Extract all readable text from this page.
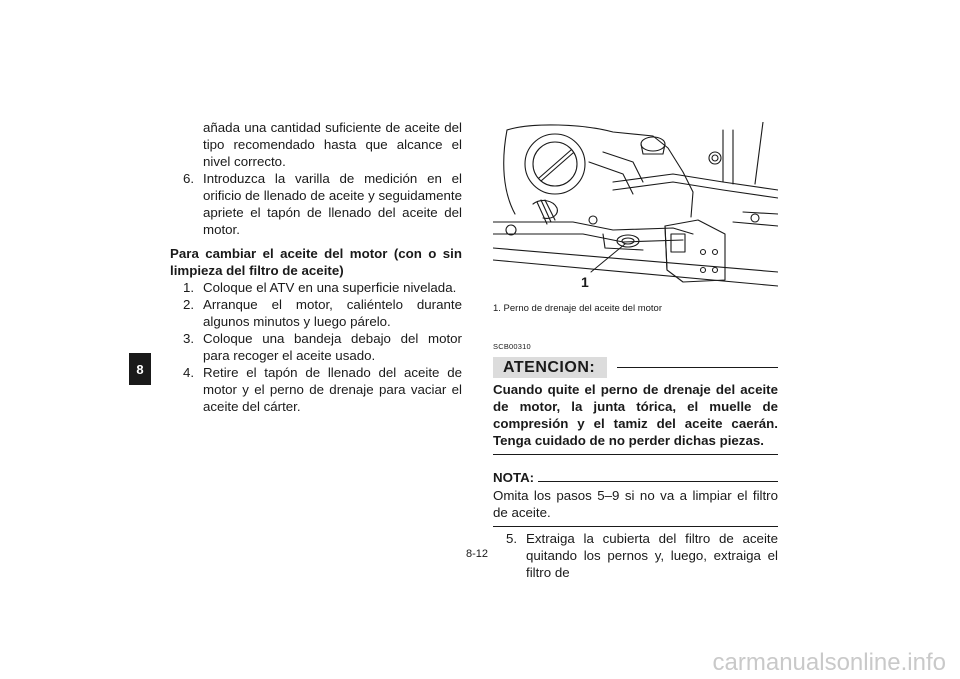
8
añada una cantidad suficiente de aceite del tipo recomendado hasta que alcance el nivel correcto.
6. Introduzca la varilla de medición en el orificio de llenado de aceite y seguidamente apriete el tapón de llenado del aceite del motor.
Para cambiar el aceite del motor (con o sin limpieza del filtro de aceite)
1. Coloque el ATV en una superficie nivelada.
2. Arranque el motor, caliéntelo durante algunos minutos y luego párelo.
3. Coloque una bandeja debajo del motor para recoger el aceite usado.
4. Retire el tapón de llenado del aceite de motor y el perno de drenaje para vaciar el aceite del cárter.
1
1. Perno de drenaje del aceite del motor
SCB00310
ATENCION:
Cuando quite el perno de drenaje del aceite de motor, la junta tórica, el muelle de compresión y el tamiz del aceite caerán. Tenga cuidado de no perder dichas piezas.
NOTA:
Omita los pasos 5–9 si no va a limpiar el filtro de aceite.
5. Extraiga la cubierta del filtro de aceite quitando los pernos y, luego, extraiga el filtro de
8-12
carmanualsonline.info
